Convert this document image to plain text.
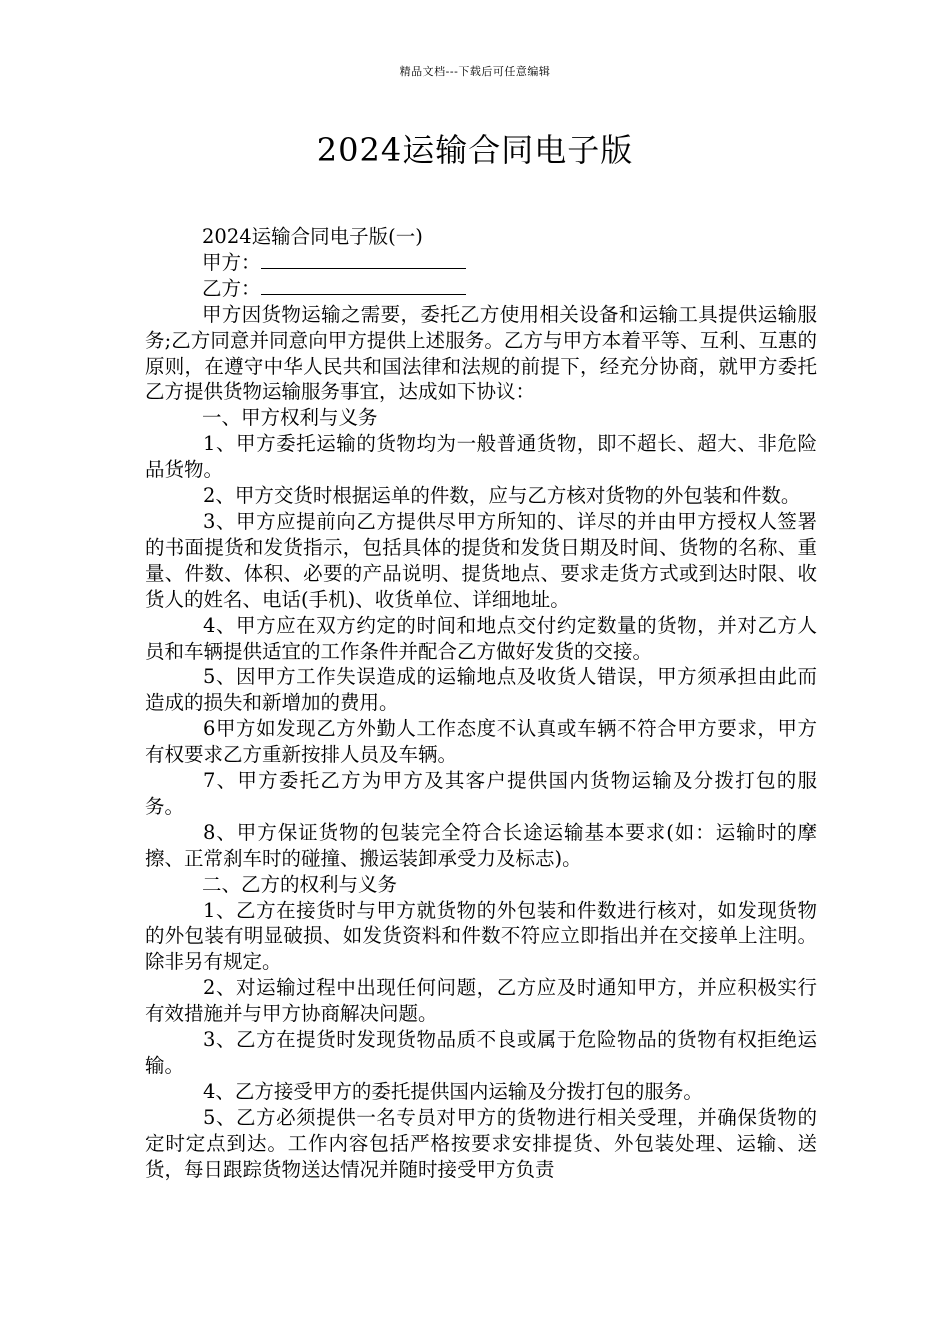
精品文档---下载后可任意编辑
2024运输合同电子版

2024运输合同电子版(一)

甲方：

乙方：

甲方因货物运输之需要，委托乙方使用相关设备和运输工具提供运输服务;乙方同意并同意向甲方提供上述服务。乙方与甲方本着平等、互利、互惠的原则，在遵守中华人民共和国法律和法规的前提下，经充分协商，就甲方委托乙方提供货物运输服务事宜，达成如下协议：

一、甲方权利与义务

1、甲方委托运输的货物均为一般普通货物，即不超长、超大、非危险品货物。

2、甲方交货时根据运单的件数，应与乙方核对货物的外包装和件数。

3、甲方应提前向乙方提供尽甲方所知的、详尽的并由甲方授权人签署的书面提货和发货指示，包括具体的提货和发货日期及时间、货物的名称、重量、件数、体积、必要的产品说明、提货地点、要求走货方式或到达时限、收货人的姓名、电话(手机)、收货单位、详细地址。

4、甲方应在双方约定的时间和地点交付约定数量的货物，并对乙方人员和车辆提供适宜的工作条件并配合乙方做好发货的交接。

5、因甲方工作失误造成的运输地点及收货人错误，甲方须承担由此而造成的损失和新增加的费用。

6甲方如发现乙方外勤人工作态度不认真或车辆不符合甲方要求，甲方有权要求乙方重新按排人员及车辆。

7、甲方委托乙方为甲方及其客户提供国内货物运输及分拨打包的服务。

8、甲方保证货物的包装完全符合长途运输基本要求(如：运输时的摩擦、正常刹车时的碰撞、搬运装卸承受力及标志)。

二、乙方的权利与义务

1、乙方在接货时与甲方就货物的外包装和件数进行核对，如发现货物的外包装有明显破损、如发货资料和件数不符应立即指出并在交接单上注明。除非另有规定。

2、对运输过程中出现任何问题，乙方应及时通知甲方，并应积极实行有效措施并与甲方协商解决问题。

3、乙方在提货时发现货物品质不良或属于危险物品的货物有权拒绝运输。

4、乙方接受甲方的委托提供国内运输及分拨打包的服务。

5、乙方必须提供一名专员对甲方的货物进行相关受理，并确保货物的定时定点到达。工作内容包括严格按要求安排提货、外包装处理、运输、送货，每日跟踪货物送达情况并随时接受甲方负责
